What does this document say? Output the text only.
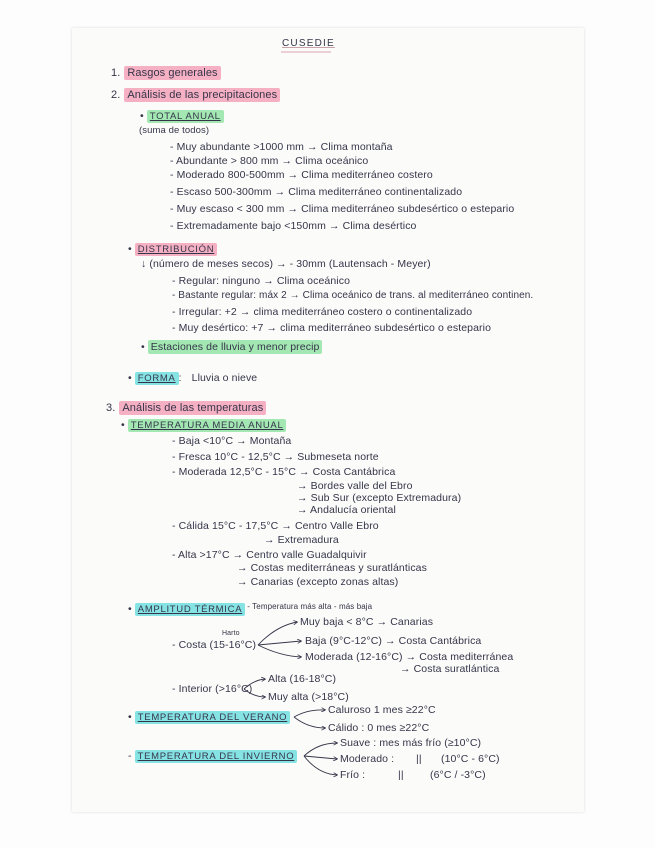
CUSEDIE
1. Rasgos generales
2. Análisis de las precipitaciones
• TOTAL ANUAL
(suma de todos)
- Muy abundante >1000 mm → Clima montaña
- Abundante > 800 mm → Clima oceánico
- Moderado 800-500mm → Clima mediterráneo costero
- Escaso 500-300mm → Clima mediterráneo continentalizado
- Muy escaso < 300 mm → Clima mediterráneo subdesértico o estepario
- Extremadamente bajo <150mm → Clima desértico
• DISTRIBUCIÓN
↓ (número de meses secos) → - 30mm (Lautensach - Meyer)
- Regular: ninguno → Clima oceánico
- Bastante regular: máx 2 → Clima oceánico de trans. al mediterráneo continen.
- Irregular: +2 → clima mediterráneo costero o continentalizado
- Muy desértico: +7 → clima mediterráneo subdesértico o estepario
• Estaciones de lluvia y menor precip
• FORMA : Lluvia o nieve
3. Análisis de las temperaturas
• TEMPERATURA MEDIA ANUAL
- Baja <10°C → Montaña
- Fresca 10°C - 12,5°C → Submeseta norte
- Moderada 12,5°C - 15°C → Costa Cantábrica
→ Bordes valle del Ebro
→ Sub Sur (excepto Extremadura)
→ Andalucía oriental
- Cálida 15°C - 17,5°C → Centro Valle Ebro
→ Extremadura
- Alta >17°C → Centro valle Guadalquivir
→ Costas mediterráneas y suratlánticas
→ Canarias (excepto zonas altas)
• AMPLITUD TÉRMICA $^{- Temperatura más alta - más baja}$
Harto
- Costa (15-16°C)
Muy baja < 8°C → Canarias
Baja (9°C-12°C) → Costa Cantábrica
Moderada (12-16°C) → Costa mediterránea
→ Costa suratlántica
- Interior (>16°C)
Alta (16-18°C)
Muy alta (>18°C)
• TEMPERATURA DEL VERANO
Caluroso 1 mes ≥22°C
Cálido : 0 mes ≥22°C
- TEMPERATURA DEL INVIERNO
Suave : mes más frío (≥10°C)
Moderado : || (10°C - 6°C)
Frío :	||	(6°C / -3°C)
